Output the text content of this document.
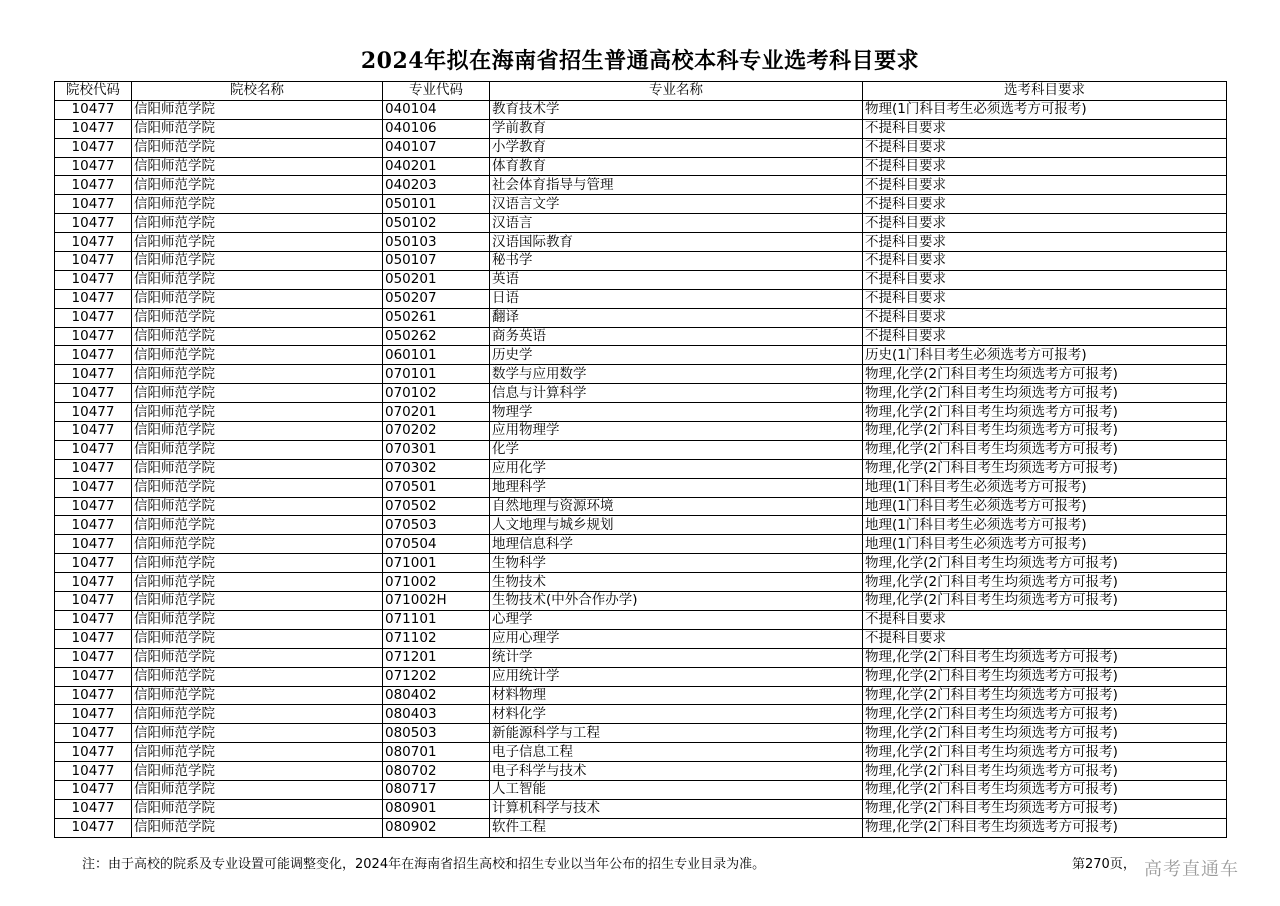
2024年拟在海南省招生普通高校本科专业选考科目要求
院校代码	院校名称	专业代码	专业名称	选考科目要求
10477	信阳师范学院	040104	教育技术学	物理(1门科目考生必须选考方可报考)
10477	信阳师范学院	040106	学前教育	不提科目要求
10477	信阳师范学院	040107	小学教育	不提科目要求
10477	信阳师范学院	040201	体育教育	不提科目要求
10477	信阳师范学院	040203	社会体育指导与管理	不提科目要求
10477	信阳师范学院	050101	汉语言文学	不提科目要求
10477	信阳师范学院	050102	汉语言	不提科目要求
10477	信阳师范学院	050103	汉语国际教育	不提科目要求
10477	信阳师范学院	050107	秘书学	不提科目要求
10477	信阳师范学院	050201	英语	不提科目要求
10477	信阳师范学院	050207	日语	不提科目要求
10477	信阳师范学院	050261	翻译	不提科目要求
10477	信阳师范学院	050262	商务英语	不提科目要求
10477	信阳师范学院	060101	历史学	历史(1门科目考生必须选考方可报考)
10477	信阳师范学院	070101	数学与应用数学	物理,化学(2门科目考生均须选考方可报考)
10477	信阳师范学院	070102	信息与计算科学	物理,化学(2门科目考生均须选考方可报考)
10477	信阳师范学院	070201	物理学	物理,化学(2门科目考生均须选考方可报考)
10477	信阳师范学院	070202	应用物理学	物理,化学(2门科目考生均须选考方可报考)
10477	信阳师范学院	070301	化学	物理,化学(2门科目考生均须选考方可报考)
10477	信阳师范学院	070302	应用化学	物理,化学(2门科目考生均须选考方可报考)
10477	信阳师范学院	070501	地理科学	地理(1门科目考生必须选考方可报考)
10477	信阳师范学院	070502	自然地理与资源环境	地理(1门科目考生必须选考方可报考)
10477	信阳师范学院	070503	人文地理与城乡规划	地理(1门科目考生必须选考方可报考)
10477	信阳师范学院	070504	地理信息科学	地理(1门科目考生必须选考方可报考)
10477	信阳师范学院	071001	生物科学	物理,化学(2门科目考生均须选考方可报考)
10477	信阳师范学院	071002	生物技术	物理,化学(2门科目考生均须选考方可报考)
10477	信阳师范学院	071002H	生物技术(中外合作办学)	物理,化学(2门科目考生均须选考方可报考)
10477	信阳师范学院	071101	心理学	不提科目要求
10477	信阳师范学院	071102	应用心理学	不提科目要求
10477	信阳师范学院	071201	统计学	物理,化学(2门科目考生均须选考方可报考)
10477	信阳师范学院	071202	应用统计学	物理,化学(2门科目考生均须选考方可报考)
10477	信阳师范学院	080402	材料物理	物理,化学(2门科目考生均须选考方可报考)
10477	信阳师范学院	080403	材料化学	物理,化学(2门科目考生均须选考方可报考)
10477	信阳师范学院	080503	新能源科学与工程	物理,化学(2门科目考生均须选考方可报考)
10477	信阳师范学院	080701	电子信息工程	物理,化学(2门科目考生均须选考方可报考)
10477	信阳师范学院	080702	电子科学与技术	物理,化学(2门科目考生均须选考方可报考)
10477	信阳师范学院	080717	人工智能	物理,化学(2门科目考生均须选考方可报考)
10477	信阳师范学院	080901	计算机科学与技术	物理,化学(2门科目考生均须选考方可报考)
10477	信阳师范学院	080902	软件工程	物理,化学(2门科目考生均须选考方可报考)
注：由于高校的院系及专业设置可能调整变化，2024年在海南省招生高校和招生专业以当年公布的招生专业目录为准。	第270页， 高考直通车
